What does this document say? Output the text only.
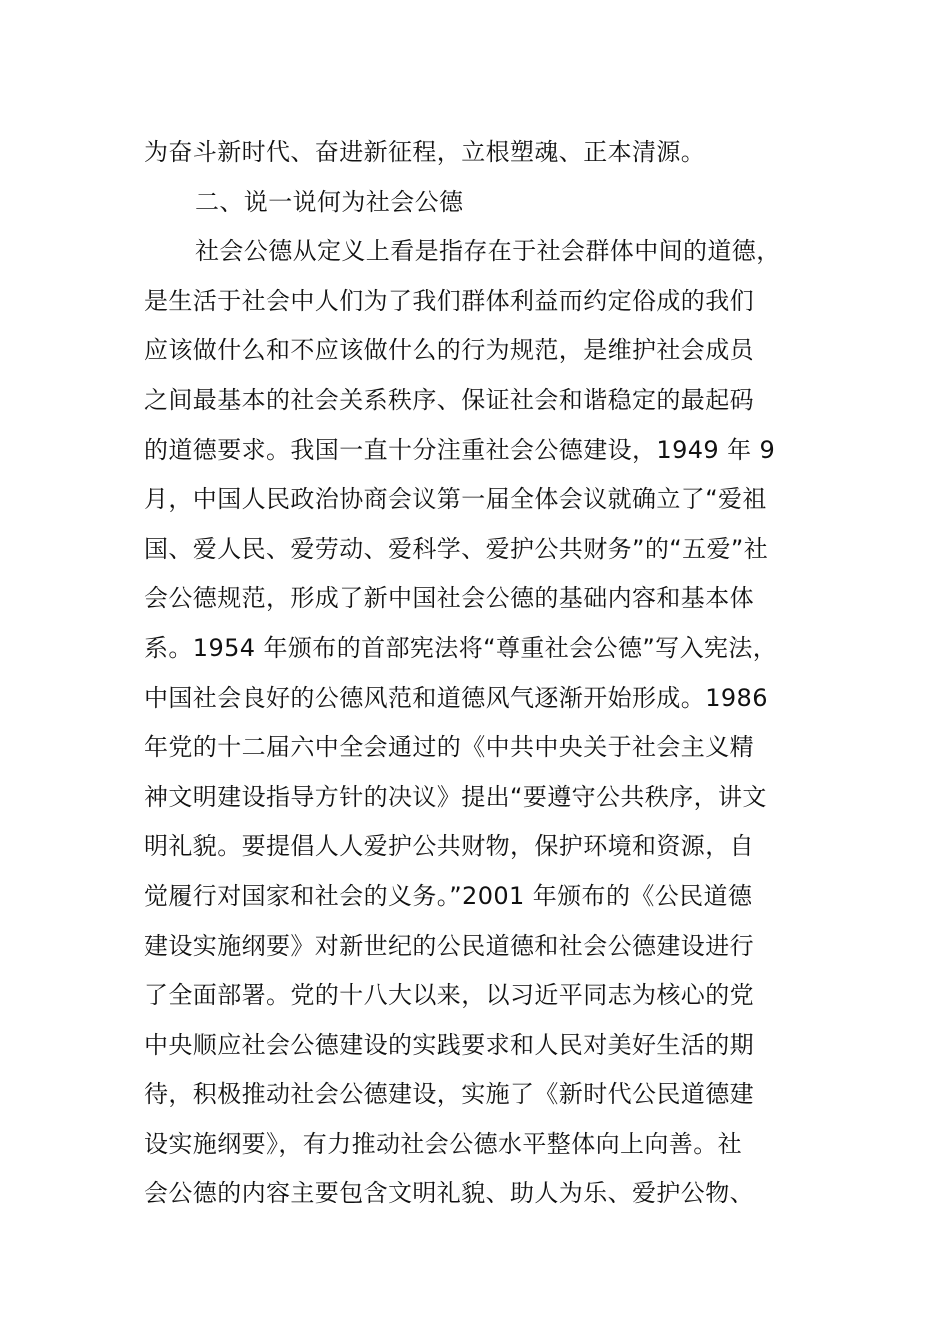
为奋斗新时代、奋进新征程，立根塑魂、正本清源。
二、说一说何为社会公德
社会公德从定义上看是指存在于社会群体中间的道德，
是生活于社会中人们为了我们群体利益而约定俗成的我们
应该做什么和不应该做什么的行为规范，是维护社会成员
之间最基本的社会关系秩序、保证社会和谐稳定的最起码
的道德要求。我国一直十分注重社会公德建设，1949 年 9
月，中国人民政治协商会议第一届全体会议就确立了“爱祖
国、爱人民、爱劳动、爱科学、爱护公共财务”的“五爱”社
会公德规范，形成了新中国社会公德的基础内容和基本体
系。1954 年颁布的首部宪法将“尊重社会公德”写入宪法，
中国社会良好的公德风范和道德风气逐渐开始形成。1986
年党的十二届六中全会通过的《中共中央关于社会主义精
神文明建设指导方针的决议》提出“要遵守公共秩序，讲文
明礼貌。要提倡人人爱护公共财物，保护环境和资源，自
觉履行对国家和社会的义务。”2001 年颁布的《公民道德
建设实施纲要》对新世纪的公民道德和社会公德建设进行
了全面部署。党的十八大以来，以习近平同志为核心的党
中央顺应社会公德建设的实践要求和人民对美好生活的期
待，积极推动社会公德建设，实施了《新时代公民道德建
设实施纲要》，有力推动社会公德水平整体向上向善。社
会公德的内容主要包含文明礼貌、助人为乐、爱护公物、
